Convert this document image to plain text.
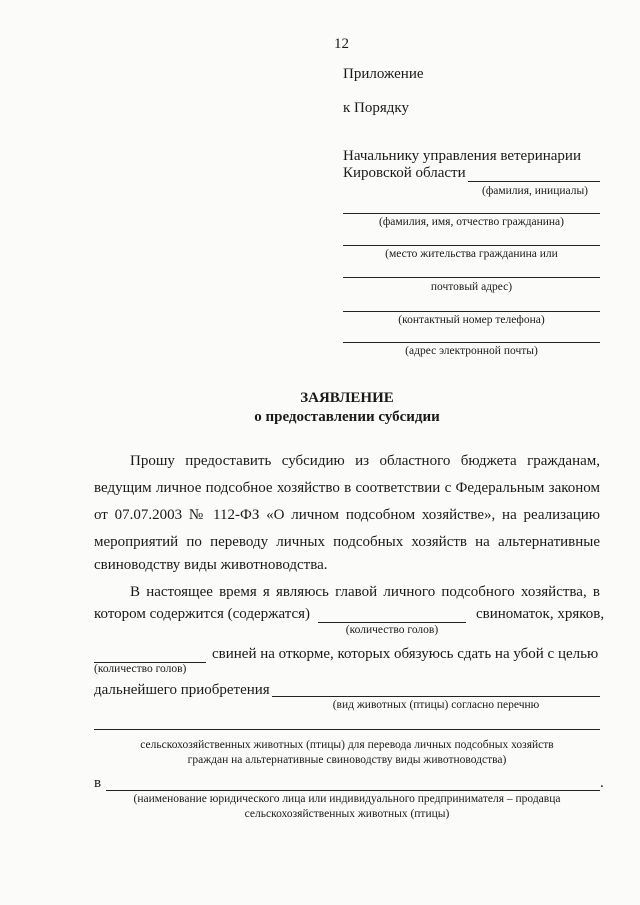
12
Приложение
к Порядку
Начальнику управления ветеринарии
Кировской области
(фамилия, инициалы)
(фамилия, имя, отчество гражданина)
(место жительства гражданина или
почтовый адрес)
(контактный номер телефона)
(адрес электронной почты)
ЗАЯВЛЕНИЕ
о предоставлении субсидии
Прошу предоставить субсидию из областного бюджета гражданам,
ведущим личное подсобное хозяйство в соответствии с Федеральным законом
от 07.07.2003 № 112-ФЗ «О личном подсобном хозяйстве», на реализацию
мероприятий по переводу личных подсобных хозяйств на альтернативные
свиноводству виды животноводства.
В настоящее время я являюсь главой личного подсобного хозяйства, в
котором содержится (содержатся)	свиноматок, хряков,
(количество голов)
свиней на откорме, которых обязуюсь сдать на убой с целью
(количество голов)
дальнейшего приобретения
(вид животных (птицы) согласно перечню
сельскохозяйственных животных (птицы) для перевода личных подсобных хозяйств
граждан на альтернативные свиноводству виды животноводства)
в	.
(наименование юридического лица или индивидуального предпринимателя – продавца
сельскохозяйственных животных (птицы)
